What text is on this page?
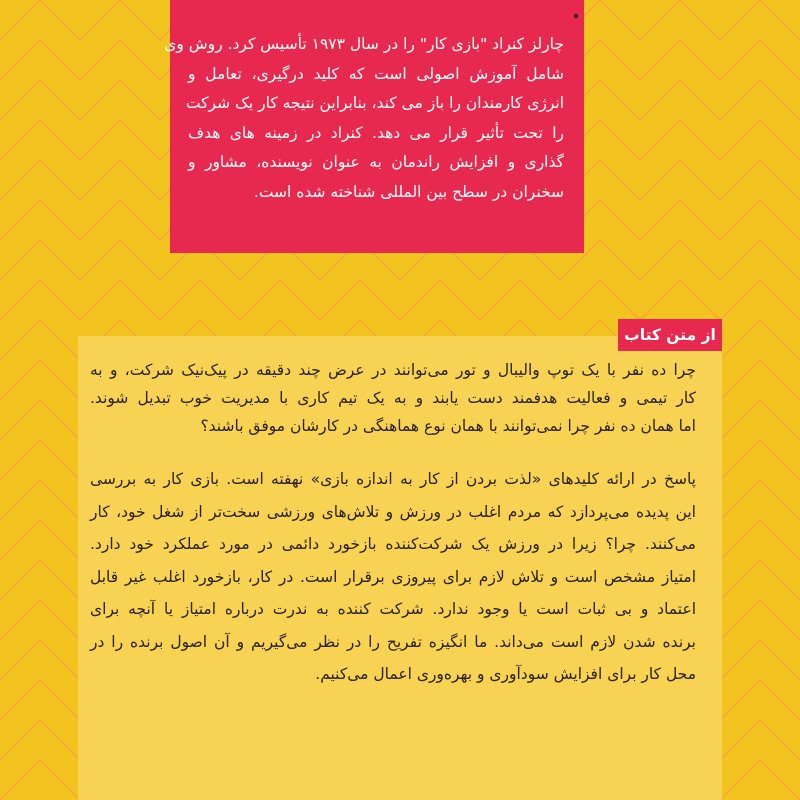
چارلز کنراد "بازی کار" را در سال ۱۹۷۳ تأسیس کرد. روش وی
شامل آموزش اصولی است که کلید درگیری، تعامل و
انرژی کارمندان را باز می کند، بنابراین نتیجه کار یک شرکت
را تحت تأثیر قرار می دهد. کنراد در زمینه های هدف
گذاری و افزایش راندمان به عنوان نویسنده، مشاور و
سخنران در سطح بین المللی شناخته شده است.
چرا ده نفر با یک توپ والیبال و تور می‌توانند در عرض چند دقیقه در پیک‌نیک شرکت، و به
کار تیمی و فعالیت هدفمند دست یابند و به یک تیم کاری با مدیریت خوب تبدیل شوند.
اما همان ده نفر چرا نمی‌توانند با همان نوع هماهنگی در کارشان موفق باشند؟
پاسخ در ارائه کلیدهای «لذت بردن از کار به اندازه بازی» نهفته است. بازی کار به بررسی
این پدیده می‌پردازد که مردم اغلب در ورزش و تلاش‌های ورزشی سخت‌تر از شغل خود، کار
می‌کنند. چرا؟ زیرا در ورزش یک شرکت‌کننده بازخورد دائمی در مورد عملکرد خود دارد.
امتیاز مشخص است و تلاش لازم برای پیروزی برقرار است. در کار، بازخورد اغلب غیر قابل
اعتماد و بی ثبات است یا وجود ندارد. شرکت کننده به ندرت درباره امتیاز یا آنچه برای
برنده شدن لازم است می‌داند. ما انگیزه تفریح را در نظر می‌گیریم و آن اصول برنده را در
محل کار برای افزایش سودآوری و بهره‌وری اعمال می‌کنیم.
از متن کتاب
